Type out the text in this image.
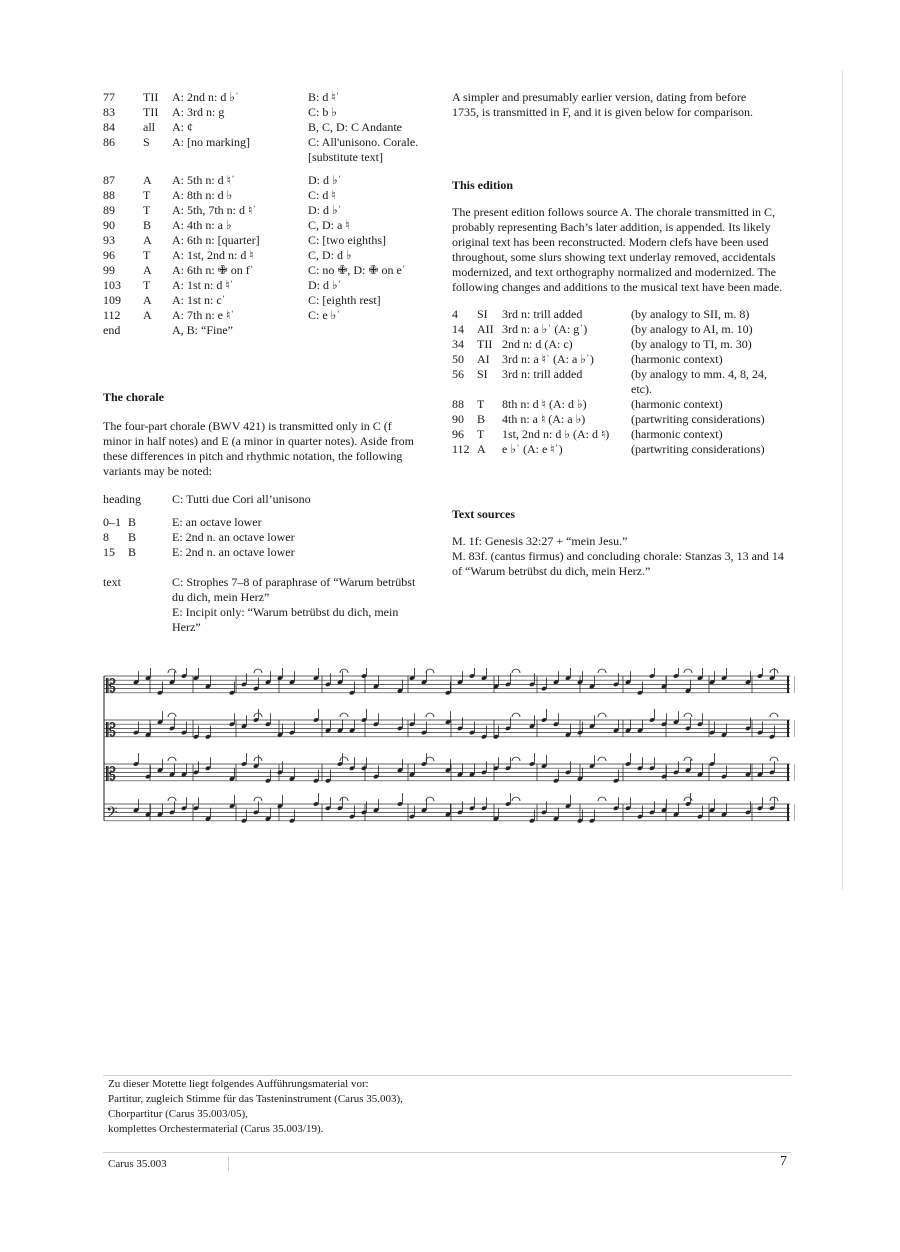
77 TII A: 2nd n: d ♭ˈ	B: d ♮ˈ
83 TII A: 3rd n: g	C: b ♭
84 all A: ¢	B, C, D: C Andante
86 S A: [no marking]	C: All'unisono. Corale. [substitute text]
87 A A: 5th n: d ♮ˈ	D: d ♭ˈ
88 T A: 8th n: d ♭	C: d ♮
89 T A: 5th, 7th n: d ♮ˈ	D: d ♭ˈ
90 B A: 4th n: a ♭	C, D: a ♮
93 A A: 6th n: [quarter]	C: [two eighths]
96 T A: 1st, 2nd n: d ♮	C, D: d ♭
99 A A: 6th n: ✙ on fˈ	C: no ✙, D: ✙ on eˈ
103 T A: 1st n: d ♮ˈ	D: d ♭ˈ
109 A A: 1st n: cˈ	C: [eighth rest]
112 A A: 7th n: e ♮ˈ	C: e ♭ˈ
end	A, B: “Fine”
The chorale

The four-part chorale (BWV 421) is transmitted only in C (f minor in half notes) and E (a minor in quarter notes). Aside from these differences in pitch and rhythmic notation, the following variants may be noted:

heading	C: Tutti due Cori all’unisono
0–1 B	E: an octave lower
8 B	E: 2nd n. an octave lower
15 B	E: 2nd n. an octave lower
text	C: Strophes 7–8 of paraphrase of “Warum betrübst du dich, mein Herz”
E: Incipit only: “Warum betrübst du dich, mein Herz”

A simpler and presumably earlier version, dating from before 1735, is transmitted in F, and it is given below for comparison.

This edition

The present edition follows source A. The chorale transmitted in C, probably representing Bach’s later addition, is appended. Its likely original text has been reconstructed. Modern clefs have been used throughout, some slurs showing text underlay removed, accidentals modernized, and text orthography normalized and modernized. The following changes and additions to the musical text have been made.

4 SI 3rd n: trill added	(by analogy to SII, m. 8)
14 AII 3rd n: a ♭ˈ (A: gˈ)	(by analogy to AI, m. 10)
34 TII 2nd n: d (A: c)	(by analogy to TI, m. 30)
50 AI 3rd n: a ♮ˈ (A: a ♭ˈ)	(harmonic context)
56 SI 3rd n: trill added	(by analogy to mm. 4, 8, 24, etc).
88 T 8th n: d ♮ (A: d ♭)	(harmonic context)
90 B 4th n: a ♮ (A: a ♭)	(partwriting considerations)
96 T 1st, 2nd n: d ♭ (A: d ♮) (harmonic context)
112 A e ♭ˈ (A: e ♮ˈ)	(partwriting considerations)
Text sources

M. 1f: Genesis 32:27 + “mein Jesu.”

M. 83f. (cantus firmus) and concluding chorale: Stanzas 3, 13 and 14 of “Warum betrübst du dich, mein Herz.”

𝄡
𝄡
𝄡
𝄢
Zu dieser Motette liegt folgendes Aufführungsmaterial vor:
Partitur, zugleich Stimme für das Tasteninstrument (Carus 35.003),
Chorpartitur (Carus 35.003/05),
komplettes Orchestermaterial (Carus 35.003/19).
Carus 35.003	7
